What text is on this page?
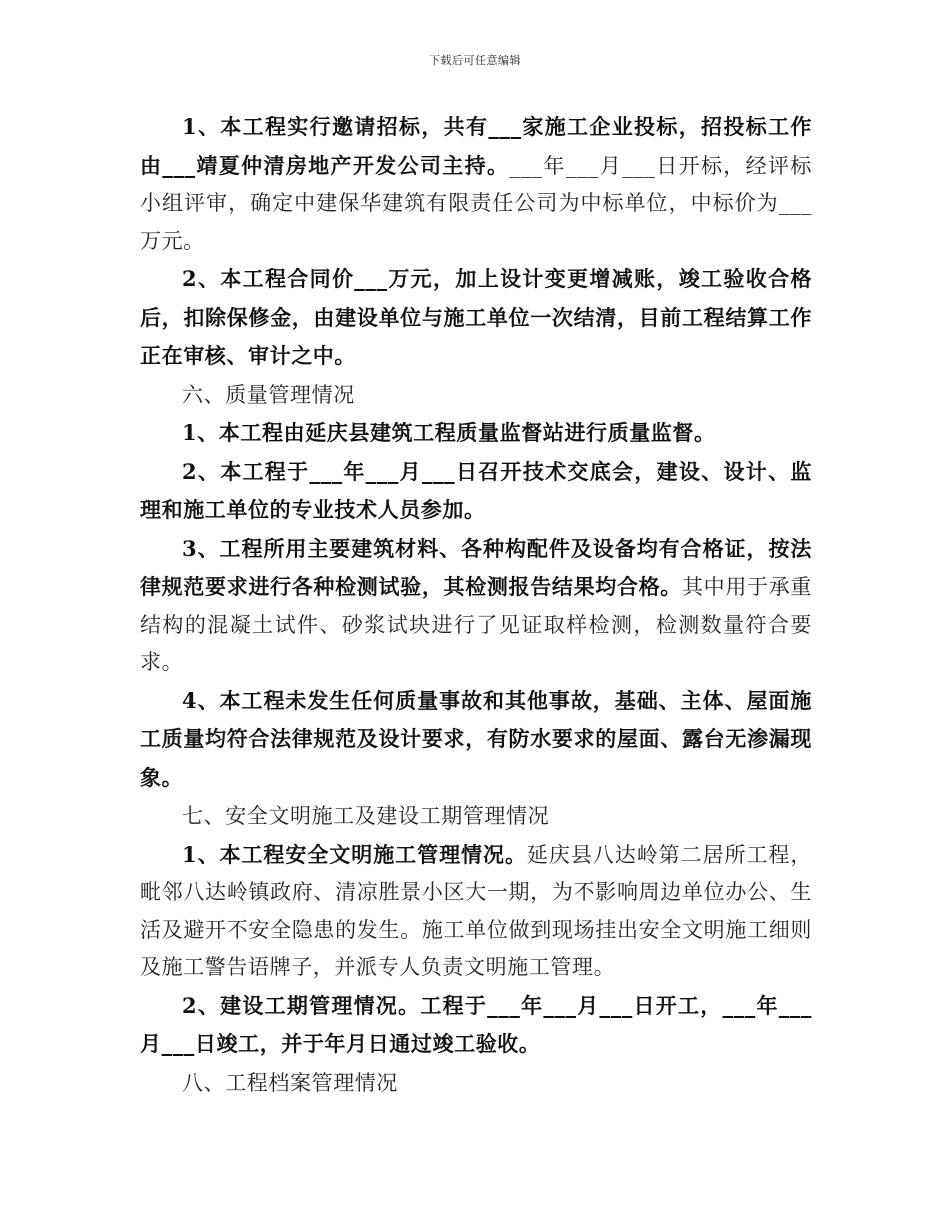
下载后可任意编辑

1、本工程实行邀请招标，共有___家施工企业投标，招投标工作由___靖夏仲清房地产开发公司主持。___年___月___日开标，经评标小组评审，确定中建保华建筑有限责任公司为中标单位，中标价为___万元。

2、本工程合同价___万元，加上设计变更增减账，竣工验收合格后，扣除保修金，由建设单位与施工单位一次结清，目前工程结算工作正在审核、审计之中。

六、质量管理情况

1、本工程由延庆县建筑工程质量监督站进行质量监督。

2、本工程于___年___月___日召开技术交底会，建设、设计、监理和施工单位的专业技术人员参加。

3、工程所用主要建筑材料、各种构配件及设备均有合格证，按法律规范要求进行各种检测试验，其检测报告结果均合格。其中用于承重结构的混凝土试件、砂浆试块进行了见证取样检测，检测数量符合要求。

4、本工程未发生任何质量事故和其他事故，基础、主体、屋面施工质量均符合法律规范及设计要求，有防水要求的屋面、露台无渗漏现象。

七、安全文明施工及建设工期管理情况

1、本工程安全文明施工管理情况。延庆县八达岭第二居所工程，毗邻八达岭镇政府、清凉胜景小区大一期，为不影响周边单位办公、生活及避开不安全隐患的发生。施工单位做到现场挂出安全文明施工细则及施工警告语牌子，并派专人负责文明施工管理。

2、建设工期管理情况。工程于___年___月___日开工，___年___月___日竣工，并于年月日通过竣工验收。

八、工程档案管理情况
